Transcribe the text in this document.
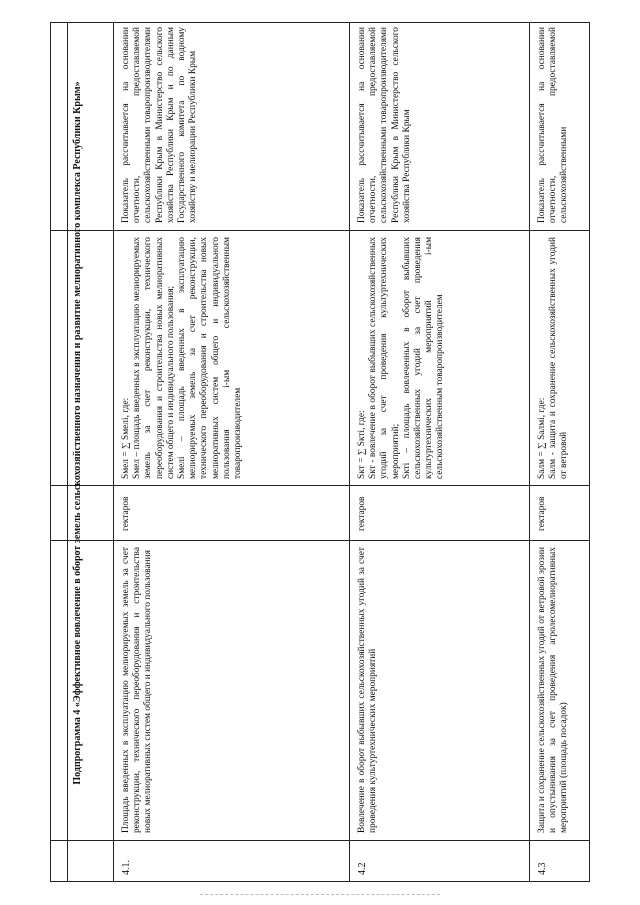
Подпрограмма 4 «Эффективное вовлечение в оборот земель сельскохозяйственного назначения и развитие мелиоративного комплекса Республики Крым»
4.1.
Площадь введенных в эксплуатацию мелиорируемых земель за счет реконструкции, технического переоборудования и строительства новых мелиоративных систем общего и индивидуального пользования
гектаров
Sмел = ∑ Sмелi, где:
Sмел – площадь введенных в эксплуатацию мелиорируемых земель за счет реконструкции, технического переоборудования и строительства новых мелиоративных систем общего и индивидуального пользования;
Sмелi – площадь введенных в эксплуатацию мелиорируемых земель за счет реконструкции, технического переоборудования и строительства новых мелиоративных систем общего и индивидуального пользования i-ым сельскохозяйственным товаропроизводителем
Показатель рассчитывается на основании отчетности, предоставляемой сельскохозяйственными товаропроизводителями Республики Крым в Министерство сельского хозяйства Республики Крым и по данным Государственного комитета по водному хозяйству и мелиорации Республики Крым
4.2
Вовлечение в оборот выбывших сельскохозяйственных угодий за счет проведения культуртехнических мероприятий
гектаров
Sкт = ∑ Sктi, где:
Sкт - вовлечение в оборот выбывших сельскохозяйственных угодий за счет проведения культуртехнических мероприятий;
Sктi – площадь вовлеченных в оборот выбывших сельскохозяйственных угодий за счет проведения культуртехнических мероприятий i-ым сельскохозяйственным товаропроизводителем
Показатель рассчитывается на основании отчетности, предоставляемой сельскохозяйственными товаропроизводителями Республики Крым в Министерство сельского хозяйства Республики Крым
4.3
Защита и сохранение сельскохозяйственных угодий от ветровой эрозии и опустынивания за счет проведения агролесомелиоративных мероприятий (площадь посадок)
гектаров
Sалм = ∑ Sалмi, где:
Sалм - защита и сохранение сельскохозяйственных угодий от ветровой
Показатель рассчитывается на основании отчетности, предоставляемой сельскохозяйственными
